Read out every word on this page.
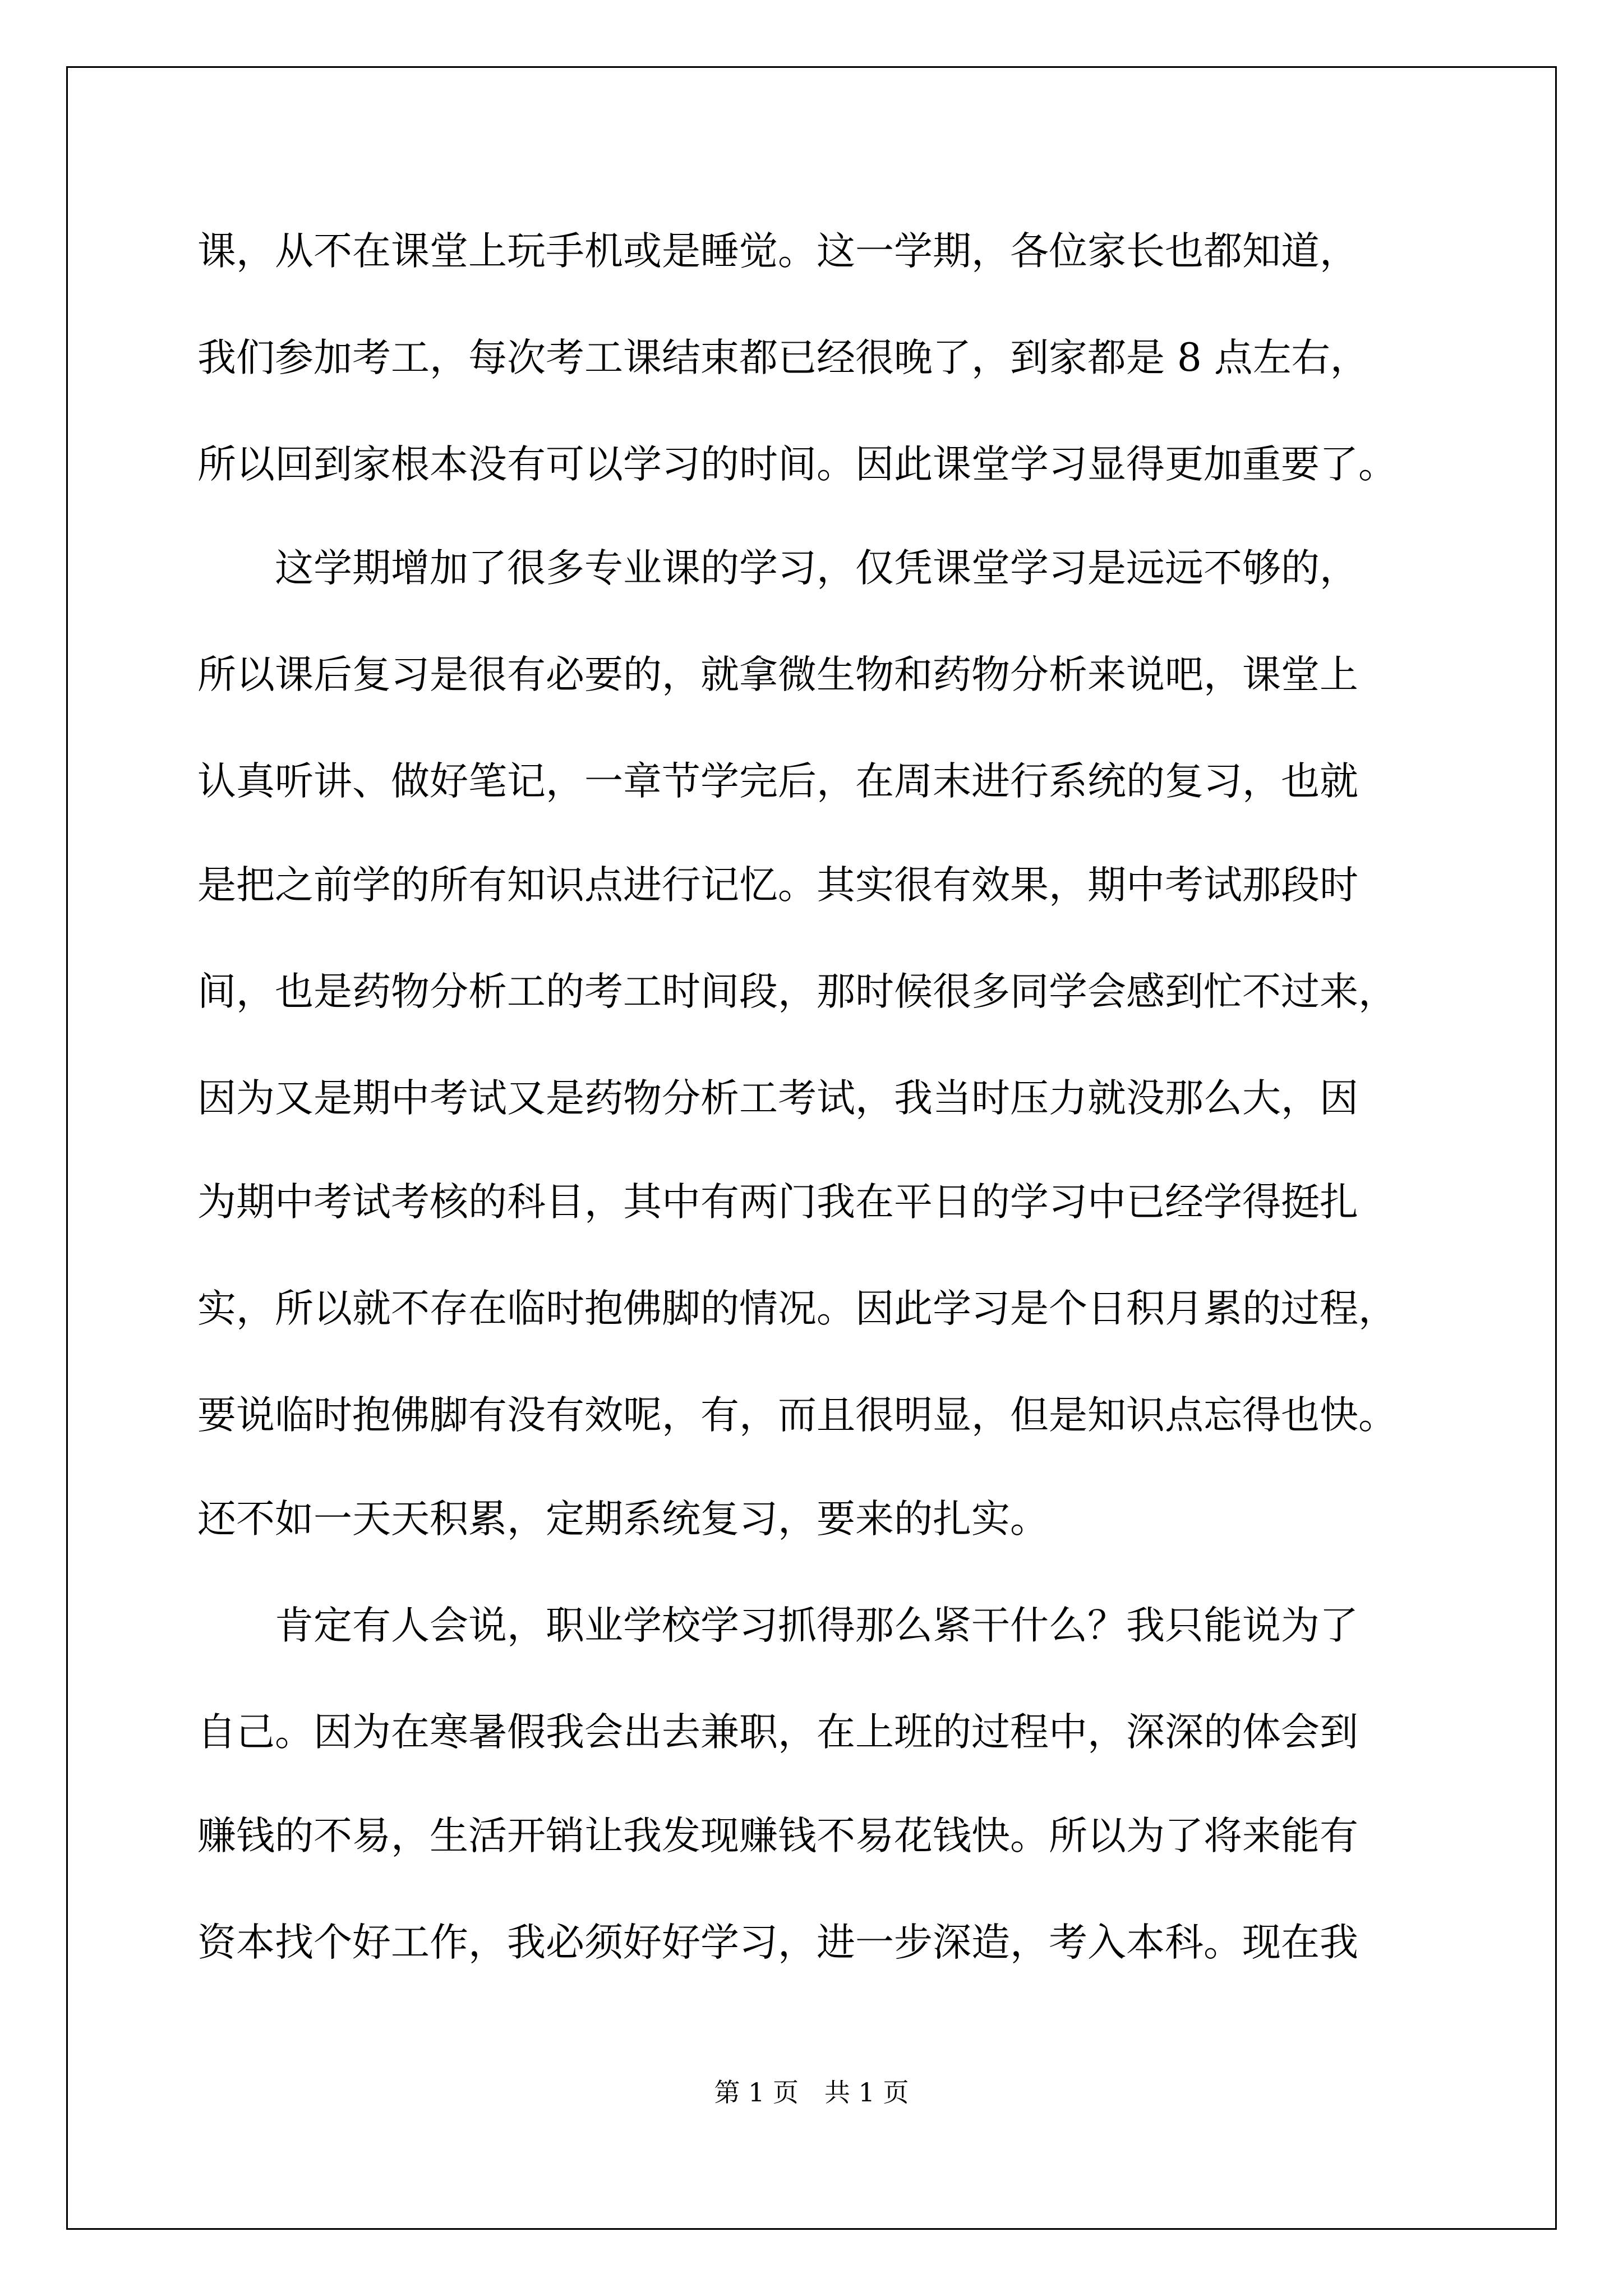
课，从不在课堂上玩手机或是睡觉。这一学期，各位家长也都知道，
我们参加考工，每次考工课结束都已经很晚了，到家都是 8 点左右，
所以回到家根本没有可以学习的时间。因此课堂学习显得更加重要了。
　　这学期增加了很多专业课的学习，仅凭课堂学习是远远不够的，
所以课后复习是很有必要的，就拿微生物和药物分析来说吧，课堂上
认真听讲、做好笔记，一章节学完后，在周末进行系统的复习，也就
是把之前学的所有知识点进行记忆。其实很有效果，期中考试那段时
间，也是药物分析工的考工时间段，那时候很多同学会感到忙不过来，
因为又是期中考试又是药物分析工考试，我当时压力就没那么大，因
为期中考试考核的科目，其中有两门我在平日的学习中已经学得挺扎
实，所以就不存在临时抱佛脚的情况。因此学习是个日积月累的过程，
要说临时抱佛脚有没有效呢，有，而且很明显，但是知识点忘得也快。
还不如一天天积累，定期系统复习，要来的扎实。
　　肯定有人会说，职业学校学习抓得那么紧干什么？我只能说为了
自己。因为在寒暑假我会出去兼职，在上班的过程中，深深的体会到
赚钱的不易，生活开销让我发现赚钱不易花钱快。所以为了将来能有
资本找个好工作，我必须好好学习，进一步深造，考入本科。现在我
第 1 页　共 1 页
